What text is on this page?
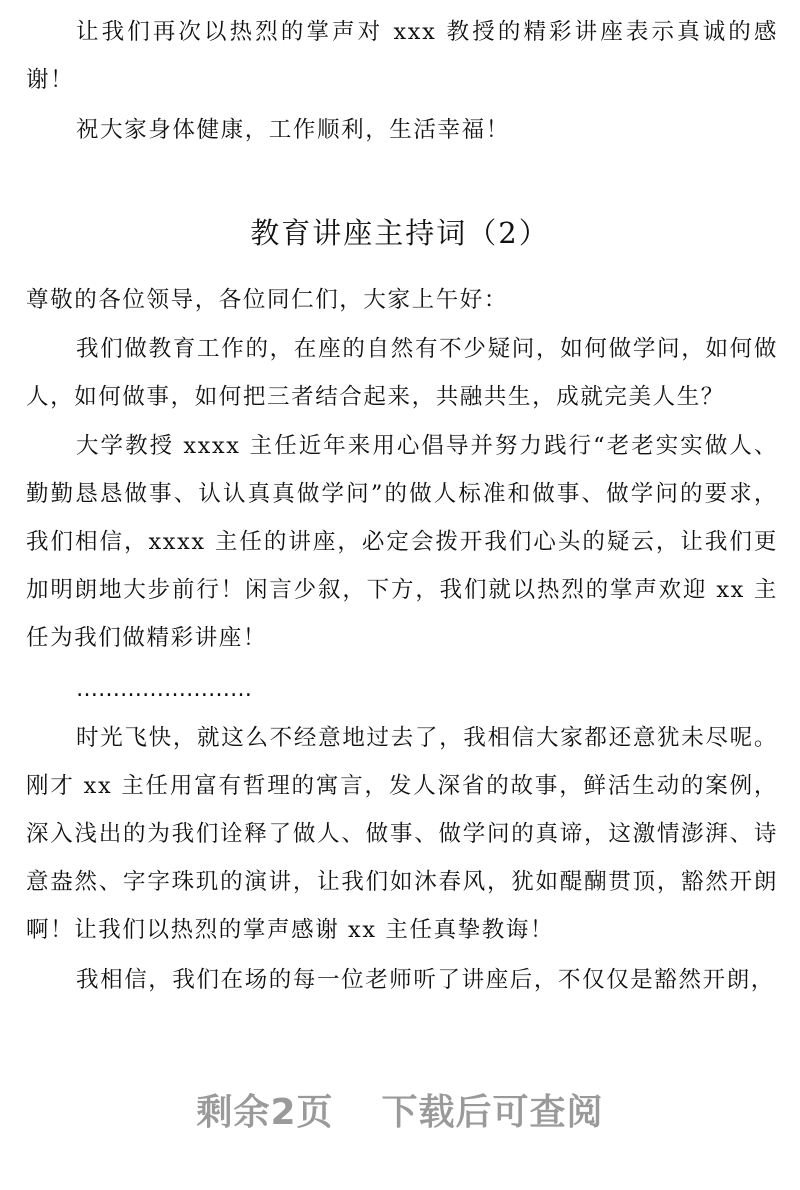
让我们再次以热烈的掌声对 xxx 教授的精彩讲座表示真诚的感谢！

祝大家身体健康，工作顺利，生活幸福！

教育讲座主持词（2）

尊敬的各位领导，各位同仁们，大家上午好：

我们做教育工作的，在座的自然有不少疑问，如何做学问，如何做人，如何做事，如何把三者结合起来，共融共生，成就完美人生？

大学教授 xxxx 主任近年来用心倡导并努力践行“老老实实做人、勤勤恳恳做事、认认真真做学问”的做人标准和做事、做学问的要求，我们相信，xxxx 主任的讲座，必定会拨开我们心头的疑云，让我们更加明朗地大步前行！闲言少叙，下方，我们就以热烈的掌声欢迎 xx 主任为我们做精彩讲座！

……………………

时光飞快，就这么不经意地过去了，我相信大家都还意犹未尽呢。刚才 xx 主任用富有哲理的寓言，发人深省的故事，鲜活生动的案例，深入浅出的为我们诠释了做人、做事、做学问的真谛，这激情澎湃、诗意盎然、字字珠玑的演讲，让我们如沐春风，犹如醍醐贯顶，豁然开朗啊！让我们以热烈的掌声感谢 xx 主任真挚教诲！

我相信，我们在场的每一位老师听了讲座后，不仅仅是豁然开朗，

剩余2页 下载后可查阅
